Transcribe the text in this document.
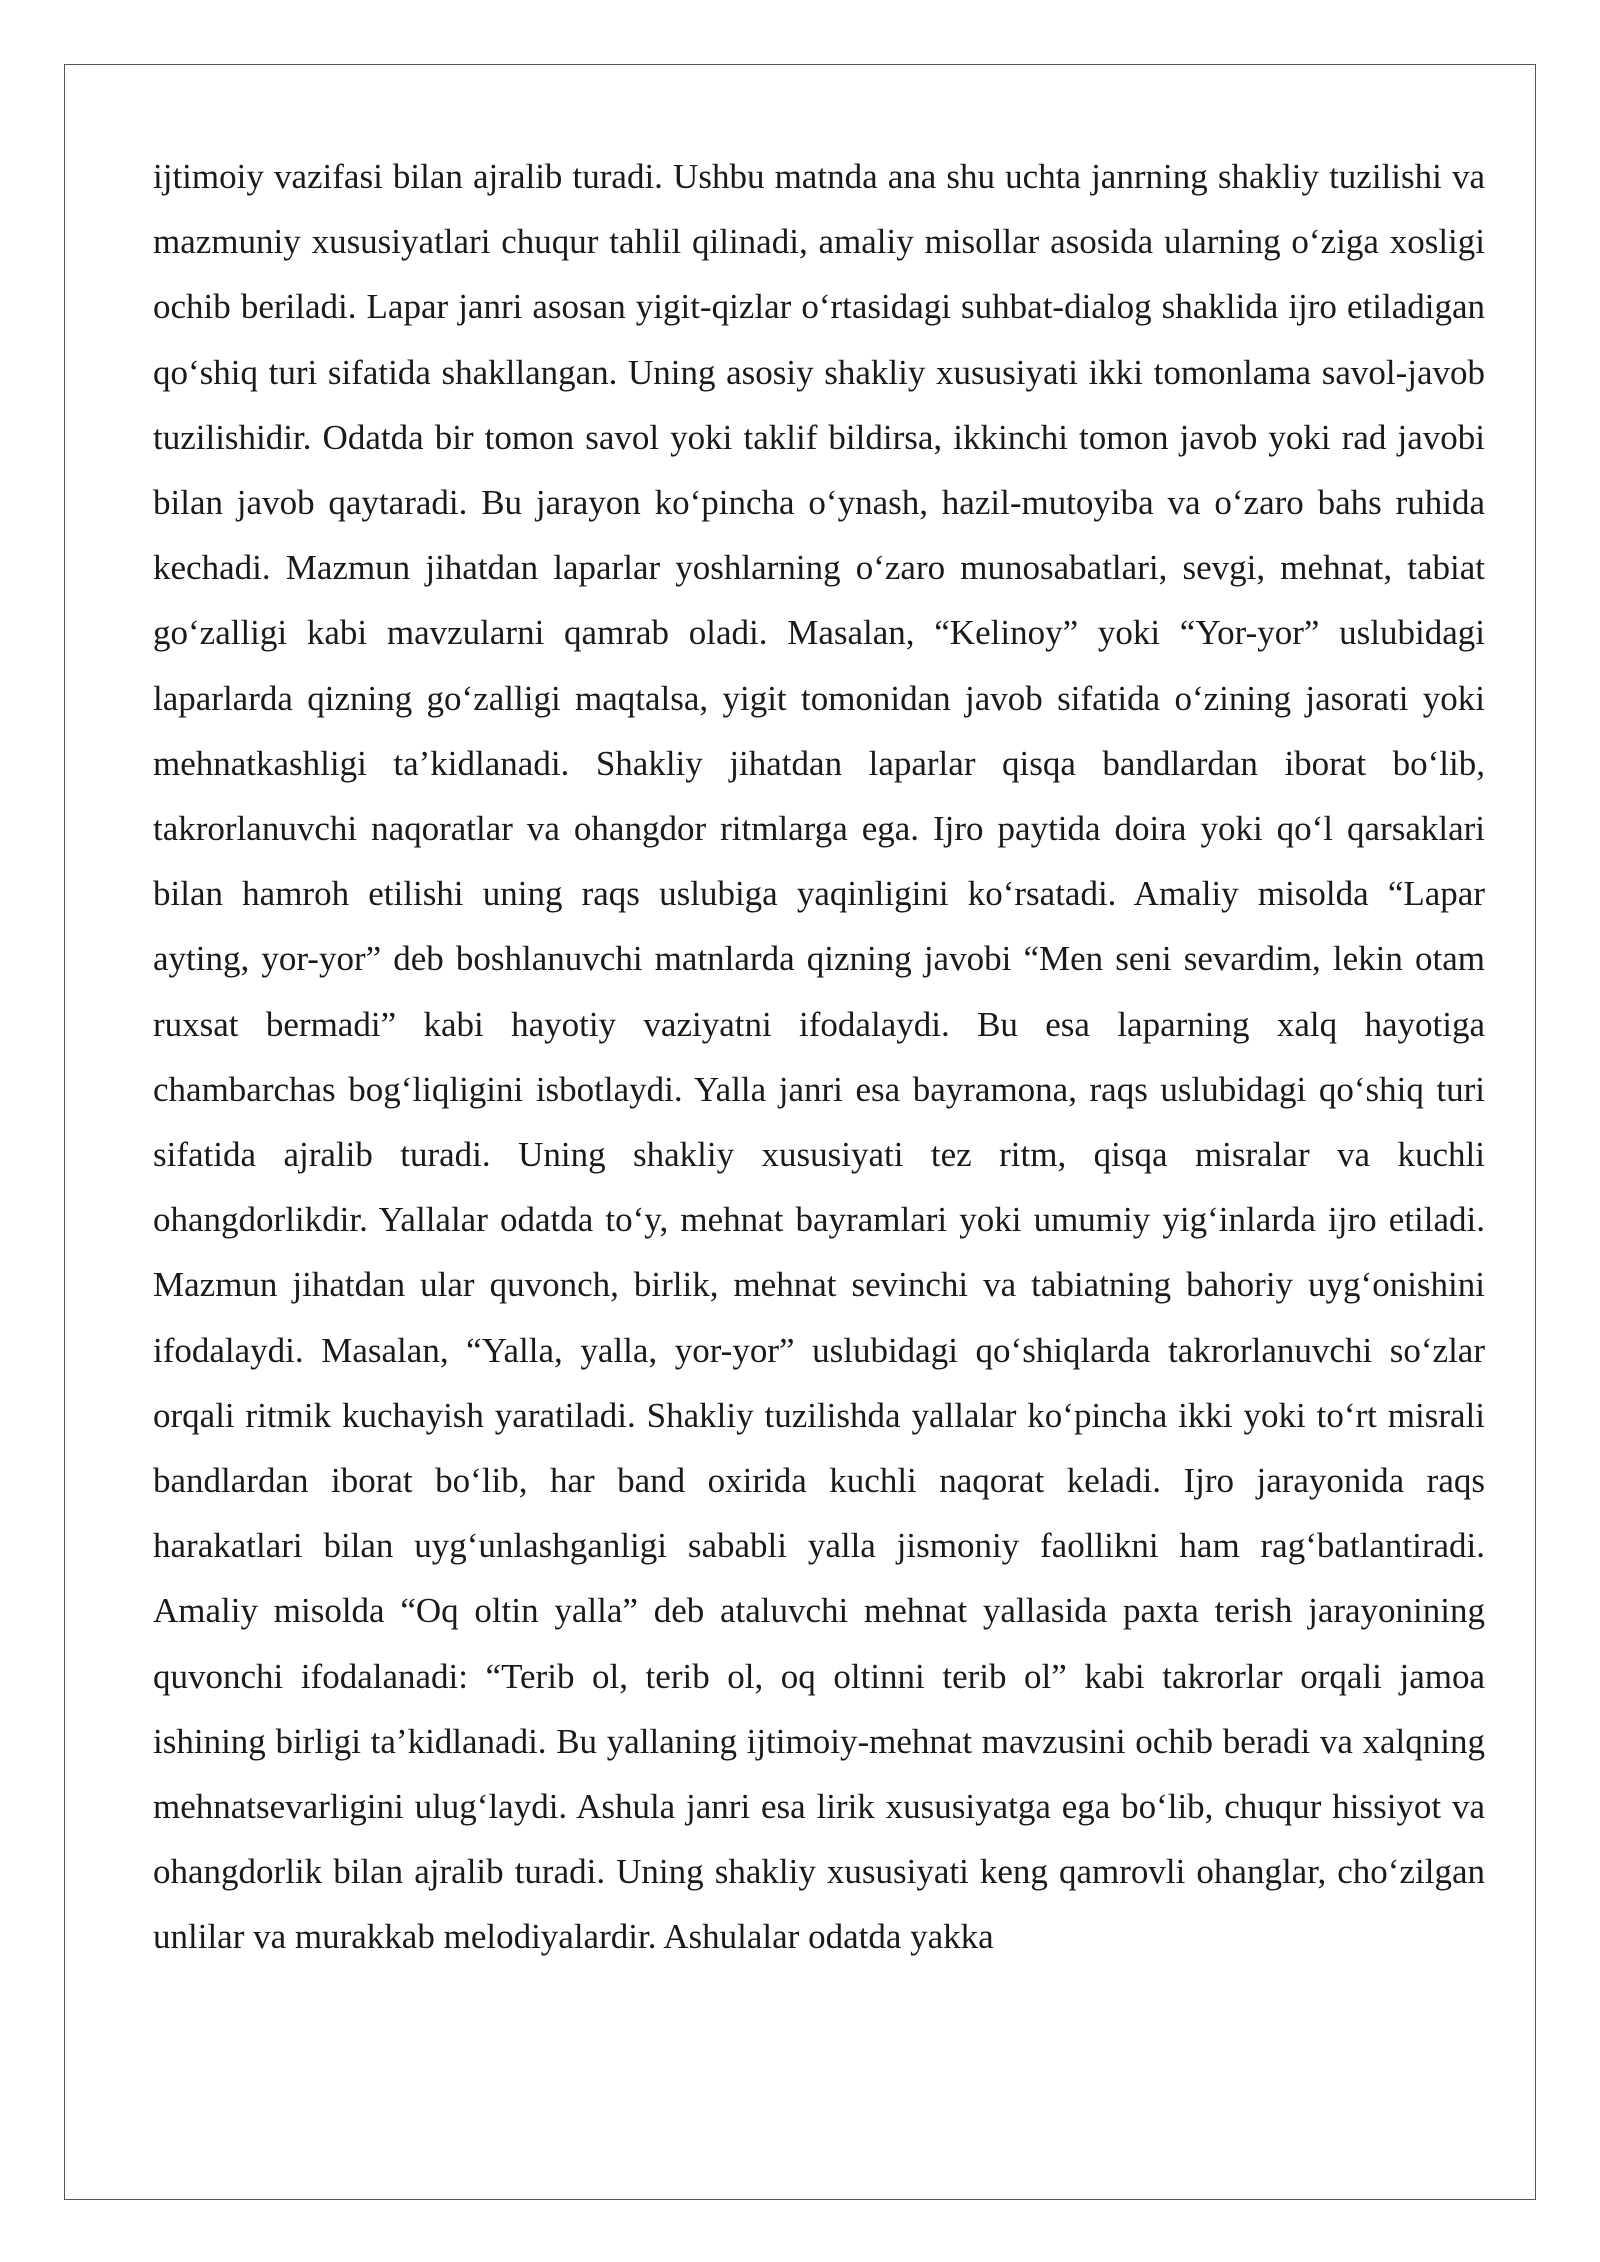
ijtimoiy vazifasi bilan ajralib turadi. Ushbu matnda ana shu uchta janrning shakliy tuzilishi va mazmuniy xususiyatlari chuqur tahlil qilinadi, amaliy misollar asosida ularning o‘ziga xosligi ochib beriladi. Lapar janri asosan yigit-qizlar o‘rtasidagi suhbat-dialog shaklida ijro etiladigan qo‘shiq turi sifatida shakllangan. Uning asosiy shakliy xususiyati ikki tomonlama savol-javob tuzilishidir. Odatda bir tomon savol yoki taklif bildirsa, ikkinchi tomon javob yoki rad javobi bilan javob qaytaradi. Bu jarayon ko‘pincha o‘ynash, hazil-mutoyiba va o‘zaro bahs ruhida kechadi. Mazmun jihatdan laparlar yoshlarning o‘zaro munosabatlari, sevgi, mehnat, tabiat go‘zalligi kabi mavzularni qamrab oladi. Masalan, “Kelinoy” yoki “Yor-yor” uslubidagi laparlarda qizning go‘zalligi maqtalsa, yigit tomonidan javob sifatida o‘zining jasorati yoki mehnatkashligi ta’kidlanadi. Shakliy jihatdan laparlar qisqa bandlardan iborat bo‘lib, takrorlanuvchi naqoratlar va ohangdor ritmlarga ega. Ijro paytida doira yoki qo‘l qarsaklari bilan hamroh etilishi uning raqs uslubiga yaqinligini ko‘rsatadi. Amaliy misolda “Lapar ayting, yor-yor” deb boshlanuvchi matnlarda qizning javobi “Men seni sevardim, lekin otam ruxsat bermadi” kabi hayotiy vaziyatni ifodalaydi. Bu esa laparning xalq hayotiga chambarchas bog‘liqligini isbotlaydi. Yalla janri esa bayramona, raqs uslubidagi qo‘shiq turi sifatida ajralib turadi. Uning shakliy xususiyati tez ritm, qisqa misralar va kuchli ohangdorlikdir. Yallalar odatda to‘y, mehnat bayramlari yoki umumiy yig‘inlarda ijro etiladi. Mazmun jihatdan ular quvonch, birlik, mehnat sevinchi va tabiatning bahoriy uyg‘onishini ifodalaydi. Masalan, “Yalla, yalla, yor-yor” uslubidagi qo‘shiqlarda takrorlanuvchi so‘zlar orqali ritmik kuchayish yaratiladi. Shakliy tuzilishda yallalar ko‘pincha ikki yoki to‘rt misrali bandlardan iborat bo‘lib, har band oxirida kuchli naqorat keladi. Ijro jarayonida raqs harakatlari bilan uyg‘unlashganligi sababli yalla jismoniy faollikni ham rag‘batlantiradi. Amaliy misolda “Oq oltin yalla” deb ataluvchi mehnat yallasida paxta terish jarayonining quvonchi ifodalanadi: “Terib ol, terib ol, oq oltinni terib ol” kabi takrorlar orqali jamoa ishining birligi ta’kidlanadi. Bu yallaning ijtimoiy-mehnat mavzusini ochib beradi va xalqning mehnatsevarligini ulug‘laydi. Ashula janri esa lirik xususiyatga ega bo‘lib, chuqur hissiyot va ohangdorlik bilan ajralib turadi. Uning shakliy xususiyati keng qamrovli ohanglar, cho‘zilgan unlilar va murakkab melodiyalardir. Ashulalar odatda yakka
